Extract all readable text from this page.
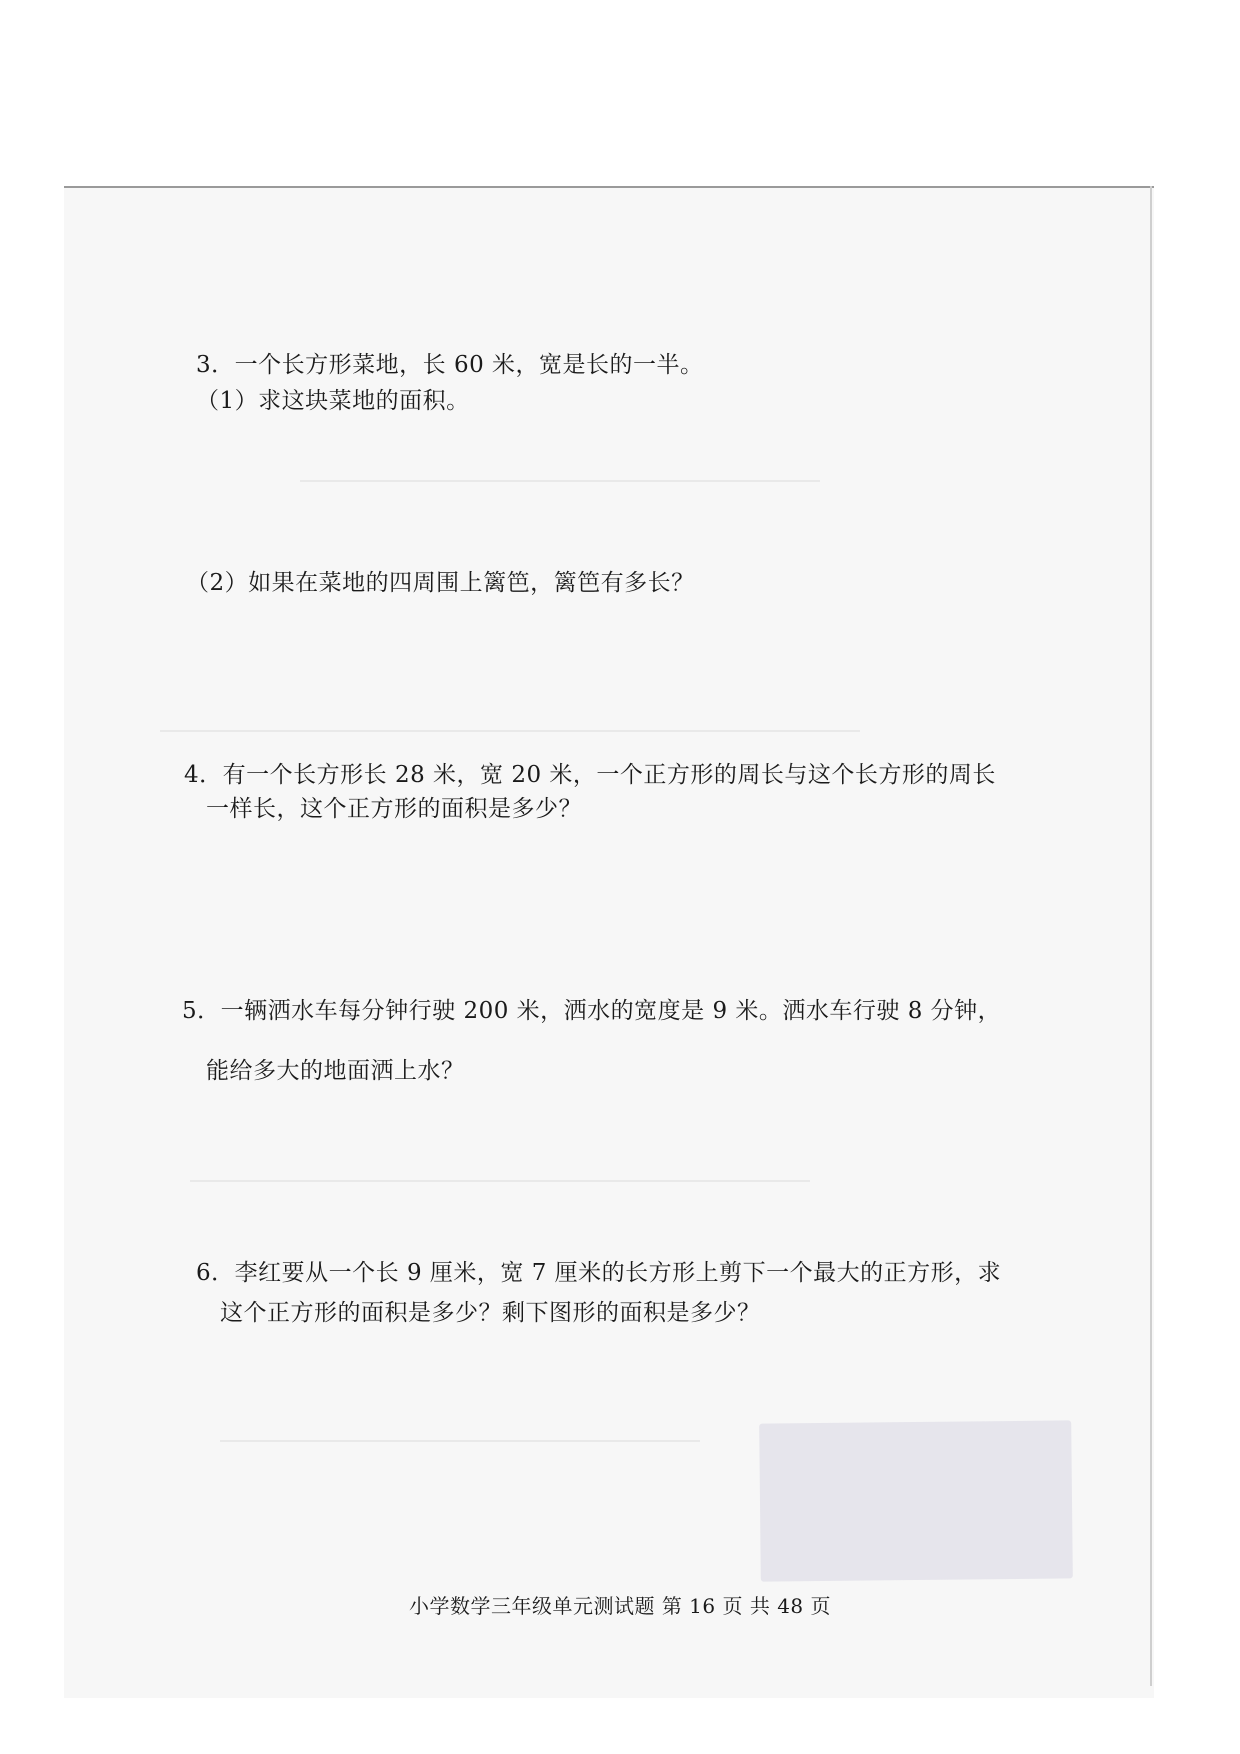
3．一个长方形菜地，长 60 米，宽是长的一半。
（1）求这块菜地的面积。
（2）如果在菜地的四周围上篱笆，篱笆有多长？
4．有一个长方形长 28 米，宽 20 米，一个正方形的周长与这个长方形的周长
一样长，这个正方形的面积是多少？
5．一辆洒水车每分钟行驶 200 米，洒水的宽度是 9 米。洒水车行驶 8 分钟，
能给多大的地面洒上水？
6．李红要从一个长 9 厘米，宽 7 厘米的长方形上剪下一个最大的正方形，求
这个正方形的面积是多少？剩下图形的面积是多少？
小学数学三年级单元测试题 第 16 页 共 48 页
